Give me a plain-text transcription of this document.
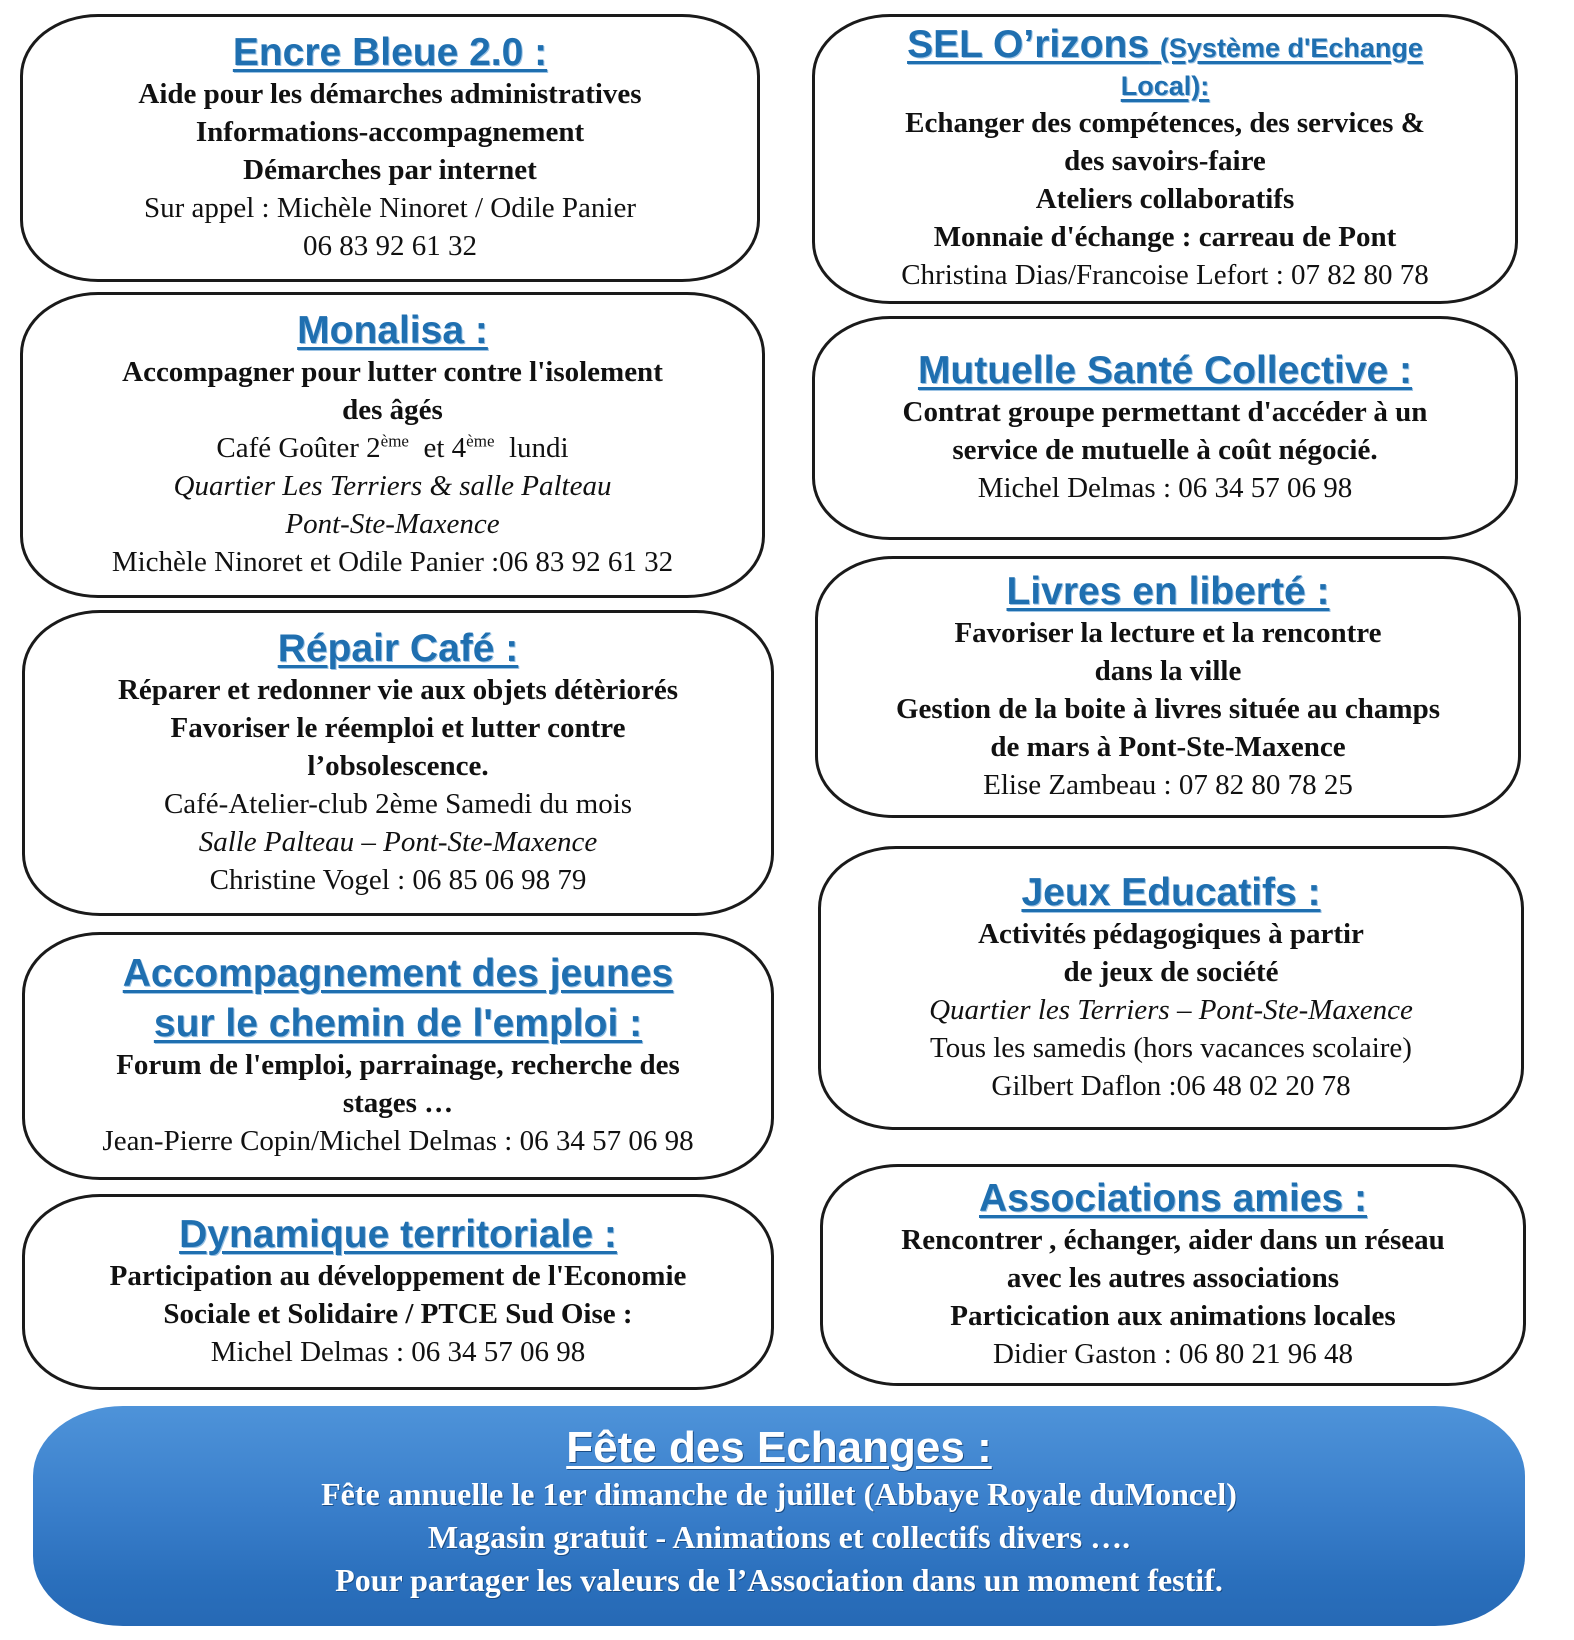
Encre Bleue 2.0 :
Aide pour les démarches administratives
Informations-accompagnement
Démarches par internet
Sur appel : Michèle Ninoret / Odile Panier
06 83 92 61 32
Monalisa :
Accompagner pour lutter contre l'isolement
des âgés
Café Goûter 2ème  et 4ème  lundi
Quartier Les Terriers & salle Palteau
Pont-Ste-Maxence
Michèle Ninoret et Odile Panier :06 83 92 61 32
Répair Café :
Réparer et redonner vie aux objets détèriorés
Favoriser le réemploi et lutter contre
l’obsolescence.
Café-Atelier-club 2ème Samedi du mois
Salle Palteau – Pont-Ste-Maxence
Christine Vogel : 06 85 06 98 79
Accompagnement des jeunes
sur le chemin de l'emploi :
Forum de l'emploi, parrainage, recherche des
stages …
Jean-Pierre Copin/Michel Delmas : 06 34 57 06 98
Dynamique territoriale :
Participation au développement de l'Economie
Sociale et Solidaire / PTCE Sud Oise :
Michel Delmas : 06 34 57 06 98
SEL O’rizons (Système d'Echange
Local):
Echanger des compétences, des services &
des savoirs-faire
Ateliers collaboratifs
Monnaie d'échange : carreau de Pont
Christina Dias/Francoise Lefort : 07 82 80 78
Mutuelle Santé Collective :
Contrat groupe permettant d'accéder à un
service de mutuelle à coût négocié.
Michel Delmas : 06 34 57 06 98
Livres en liberté :
Favoriser la lecture et la rencontre
dans la ville
Gestion de la boite à livres située au champs
de mars à Pont-Ste-Maxence
Elise Zambeau : 07 82 80 78 25
Jeux Educatifs :
Activités pédagogiques à partir
de jeux de société
Quartier les Terriers – Pont-Ste-Maxence
Tous les samedis (hors vacances scolaire)
Gilbert Daflon :06 48 02 20 78
Associations amies :
Rencontrer , échanger, aider dans un réseau
avec les autres associations
Particication aux animations locales
Didier Gaston : 06 80 21 96 48
Fête des Echanges :
Fête annuelle le 1er dimanche de juillet (Abbaye Royale duMoncel)
Magasin gratuit - Animations et collectifs divers ….
Pour partager les valeurs de l’Association dans un moment festif.
